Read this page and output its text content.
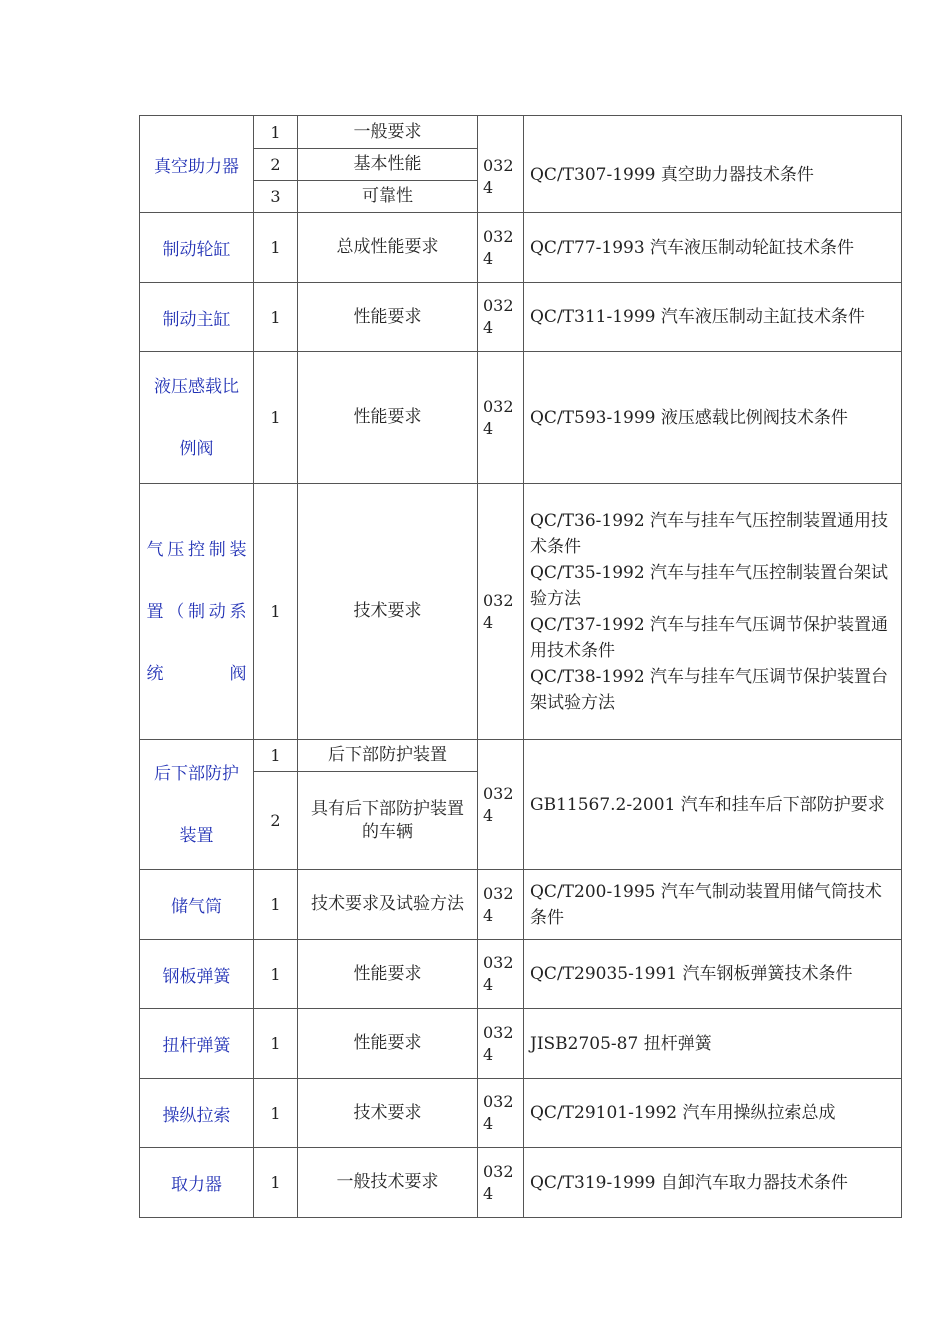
真空助力器	1	一般要求	0324	QC/T307-1999 真空助力器技术条件

	2	基本性能		
	3	可靠性		
制动轮缸	1	总成性能要求	0324	QC/T77-1993 汽车液压制动轮缸技术条件

制动主缸	1	性能要求	0324	QC/T311-1999 汽车液压制动主缸技术条件

液压感载比例阀	1	性能要求	0324	QC/T593-1999 液压感载比例阀技术条件

气压控制装置（制动系统阀	1	技术要求	0324	QC/T36-1992 汽车与挂车气压控制装置通用技术条件
QC/T35-1992 汽车与挂车气压控制装置台架试验方法
QC/T37-1992 汽车与挂车气压调节保护装置通用技术条件
QC/T38-1992 汽车与挂车气压调节保护装置台架试验方法

后下部防护装置	1	后下部防护装置	0324	GB11567.2-2001 汽车和挂车后下部防护要求

	2	具有后下部防护装置的车辆		
储气筒	1	技术要求及试验方法	0324	QC/T200-1995 汽车气制动装置用储气筒技术条件

钢板弹簧	1	性能要求	0324	QC/T29035-1991 汽车钢板弹簧技术条件

扭杆弹簧	1	性能要求	0324	JISB2705-87 扭杆弹簧

操纵拉索	1	技术要求	0324	QC/T29101-1992 汽车用操纵拉索总成

取力器	1	一般技术要求	0324	QC/T319-1999 自卸汽车取力器技术条件
